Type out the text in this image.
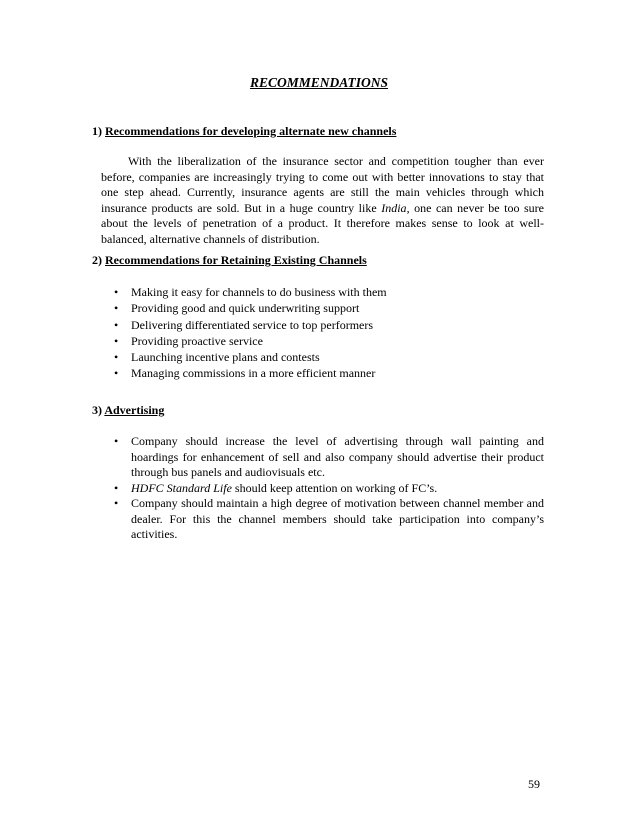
RECOMMENDATIONS
1) Recommendations for developing alternate new channels

With the liberalization of the insurance sector and competition tougher than ever before, companies are increasingly trying to come out with better innovations to stay that one step ahead. Currently, insurance agents are still the main vehicles through which insurance products are sold. But in a huge country like India, one can never be too sure about the levels of penetration of a product. It therefore makes sense to look at well-balanced, alternative channels of distribution.

2) Recommendations for Retaining Existing Channels
• Making it easy for channels to do business with them
• Providing good and quick underwriting support
• Delivering differentiated service to top performers
• Providing proactive service
• Launching incentive plans and contests
• Managing commissions in a more efficient manner
3) Advertising
• Company should increase the level of advertising through wall painting and hoardings for enhancement of sell and also company should advertise their product through bus panels and audiovisuals etc.
• HDFC Standard Life should keep attention on working of FC’s.
• Company should maintain a high degree of motivation between channel member and dealer. For this the channel members should take participation into company’s activities.
59
